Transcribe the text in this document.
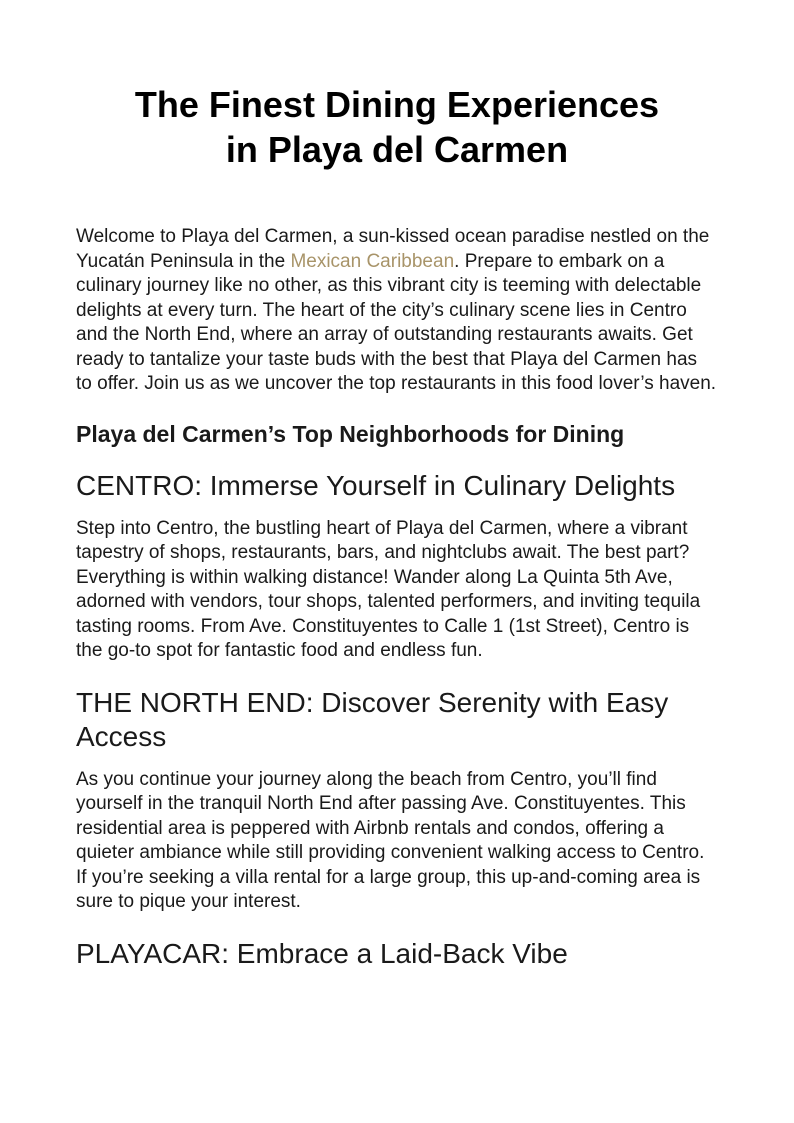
The Finest Dining Experiences
in Playa del Carmen

Welcome to Playa del Carmen, a sun-kissed ocean paradise nestled on the Yucatán Peninsula in the Mexican Caribbean. Prepare to embark on a culinary journey like no other, as this vibrant city is teeming with delectable delights at every turn. The heart of the city’s culinary scene lies in Centro and the North End, where an array of outstanding restaurants awaits. Get ready to tantalize your taste buds with the best that Playa del Carmen has to offer. Join us as we uncover the top restaurants in this food lover’s haven.

Playa del Carmen’s Top Neighborhoods for Dining
CENTRO: Immerse Yourself in Culinary Delights

Step into Centro, the bustling heart of Playa del Carmen, where a vibrant tapestry of shops, restaurants, bars, and nightclubs await. The best part? Everything is within walking distance! Wander along La Quinta 5th Ave, adorned with vendors, tour shops, talented performers, and inviting tequila tasting rooms. From Ave. Constituyentes to Calle 1 (1st Street), Centro is the go-to spot for fantastic food and endless fun.

THE NORTH END: Discover Serenity with Easy Access

As you continue your journey along the beach from Centro, you’ll find yourself in the tranquil North End after passing Ave. Constituyentes. This residential area is peppered with Airbnb rentals and condos, offering a quieter ambiance while still providing convenient walking access to Centro. If you’re seeking a villa rental for a large group, this up-and-coming area is sure to pique your interest.

PLAYACAR: Embrace a Laid-Back Vibe
